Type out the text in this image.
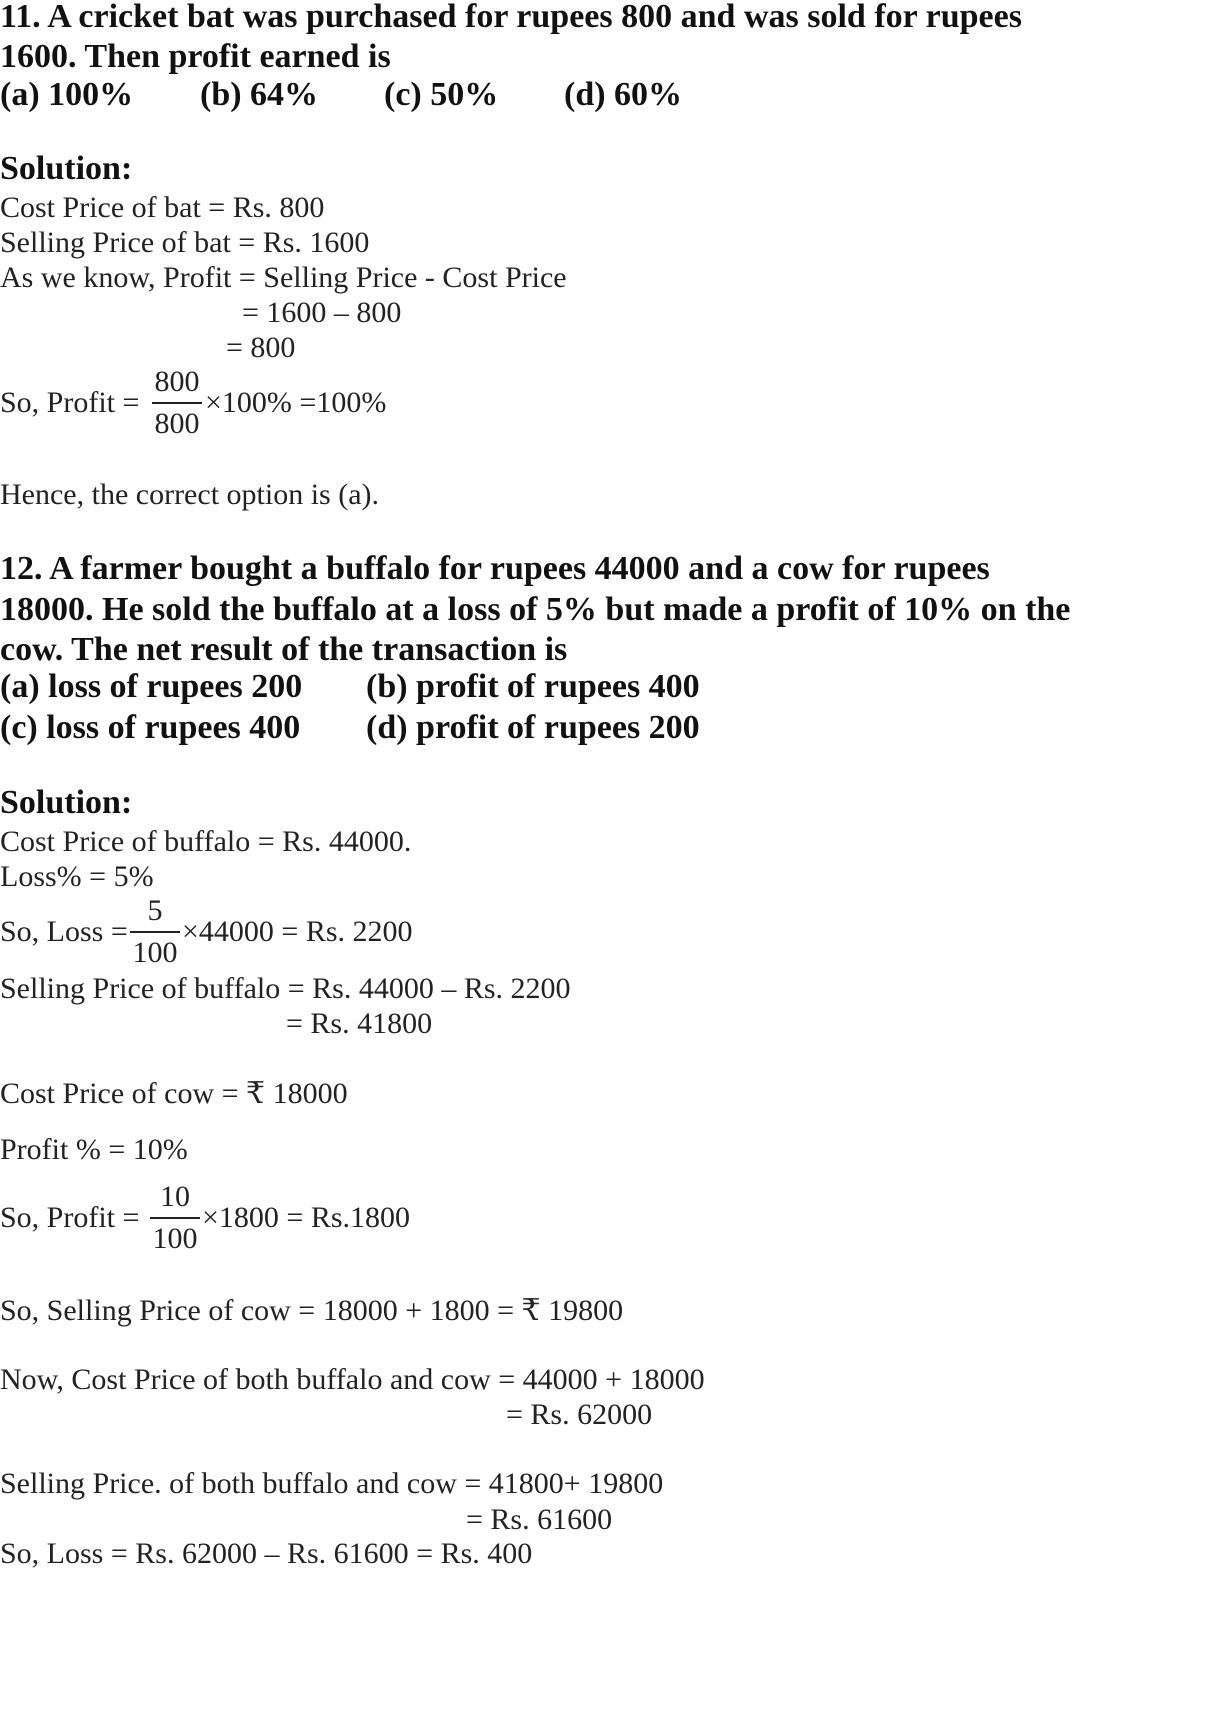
11. A cricket bat was purchased for rupees 800 and was sold for rupees
1600. Then profit earned is
(a) 100% (b) 64% (c) 50% (d) 60%
Solution:
Cost Price of bat = Rs. 800
Selling Price of bat = Rs. 1600
As we know, Profit = Selling Price - Cost Price
= 1600 – 800
= 800
So, Profit =
800
800
×100% =100%
Hence, the correct option is (a).
12. A farmer bought a buffalo for rupees 44000 and a cow for rupees
18000. He sold the buffalo at a loss of 5% but made a profit of 10% on the
cow. The net result of the transaction is
(a) loss of rupees 200 (b) profit of rupees 400
(c) loss of rupees 400 (d) profit of rupees 200
Solution:
Cost Price of buffalo = Rs. 44000.
Loss% = 5%
So, Loss =
5
100
×44000 = Rs. 2200
Selling Price of buffalo = Rs. 44000 – Rs. 2200
= Rs. 41800
Cost Price of cow = ₹ 18000
Profit % = 10%
So, Profit =
10
100
×1800 = Rs.1800
So, Selling Price of cow = 18000 + 1800 = ₹ 19800
Now, Cost Price of both buffalo and cow = 44000 + 18000
= Rs. 62000
Selling Price. of both buffalo and cow = 41800+ 19800
= Rs. 61600
So, Loss = Rs. 62000 – Rs. 61600 = Rs. 400
